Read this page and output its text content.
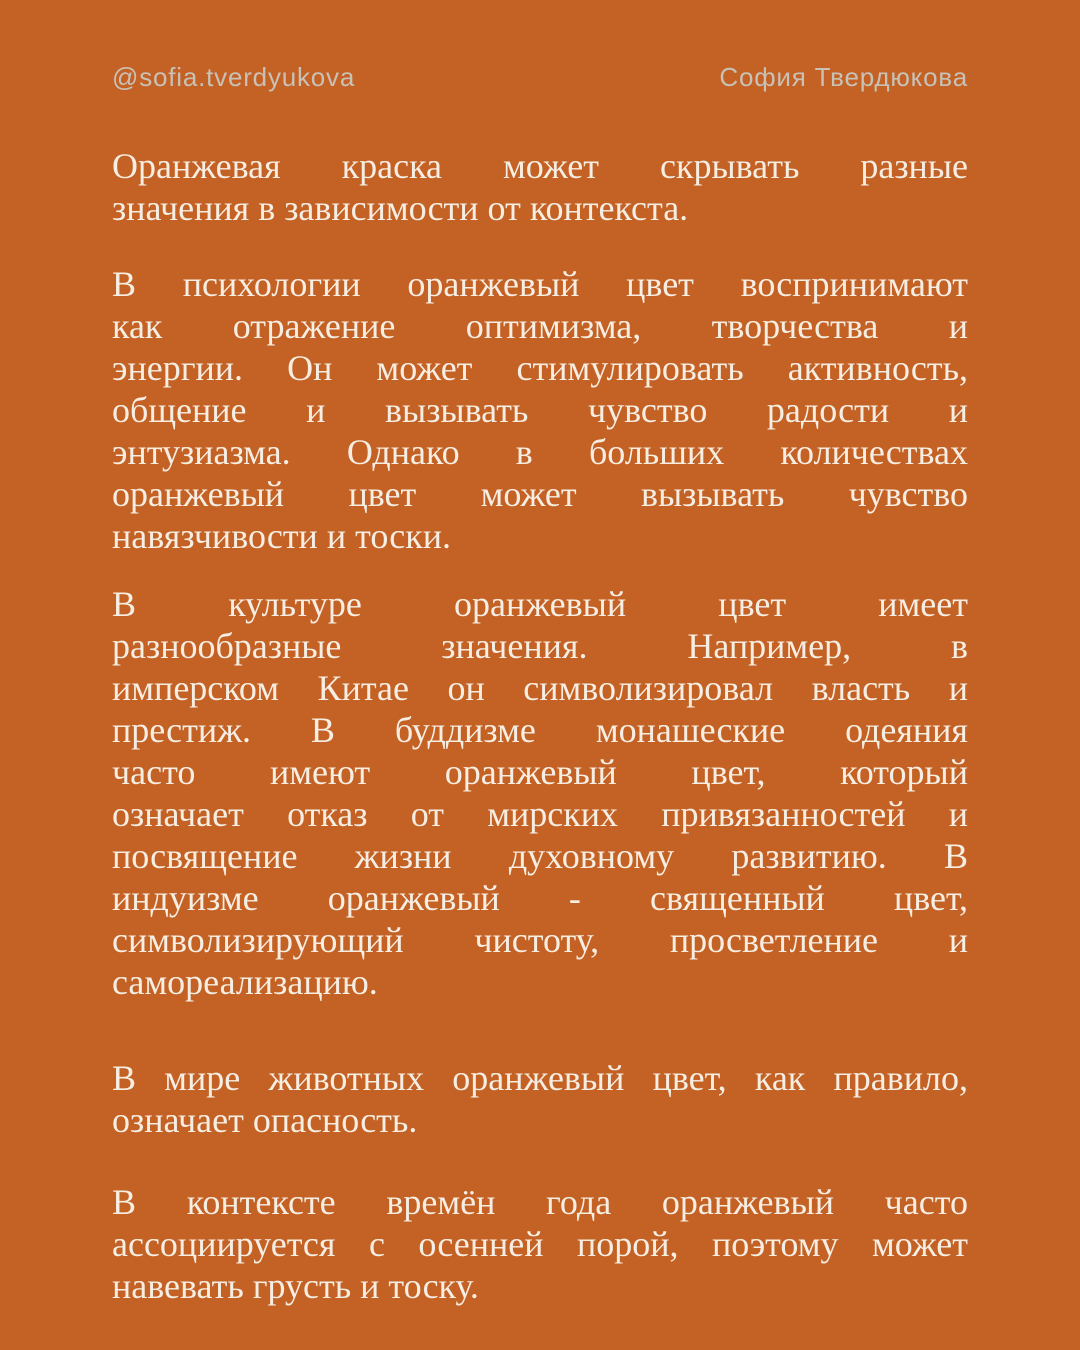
@sofia.tverdyukova	София Твердюкова
Оранжевая краска может скрывать разные
значения в зависимости от контекста.
В психологии оранжевый цвет воспринимают
как отражение оптимизма, творчества и
энергии. Он может стимулировать активность,
общение и вызывать чувство радости и
энтузиазма. Однако в больших количествах
оранжевый цвет может вызывать чувство
навязчивости и тоски.
В культуре оранжевый цвет имеет
разнообразные значения. Например, в
имперском Китае он символизировал власть и
престиж. В буддизме монашеские одеяния
часто имеют оранжевый цвет, который
означает отказ от мирских привязанностей и
посвящение жизни духовному развитию. В
индуизме оранжевый - священный цвет,
символизирующий чистоту, просветление и
самореализацию.
В мире животных оранжевый цвет, как правило,
означает опасность.
В контексте времён года оранжевый часто
ассоциируется с осенней порой, поэтому может
навевать грусть и тоску.
